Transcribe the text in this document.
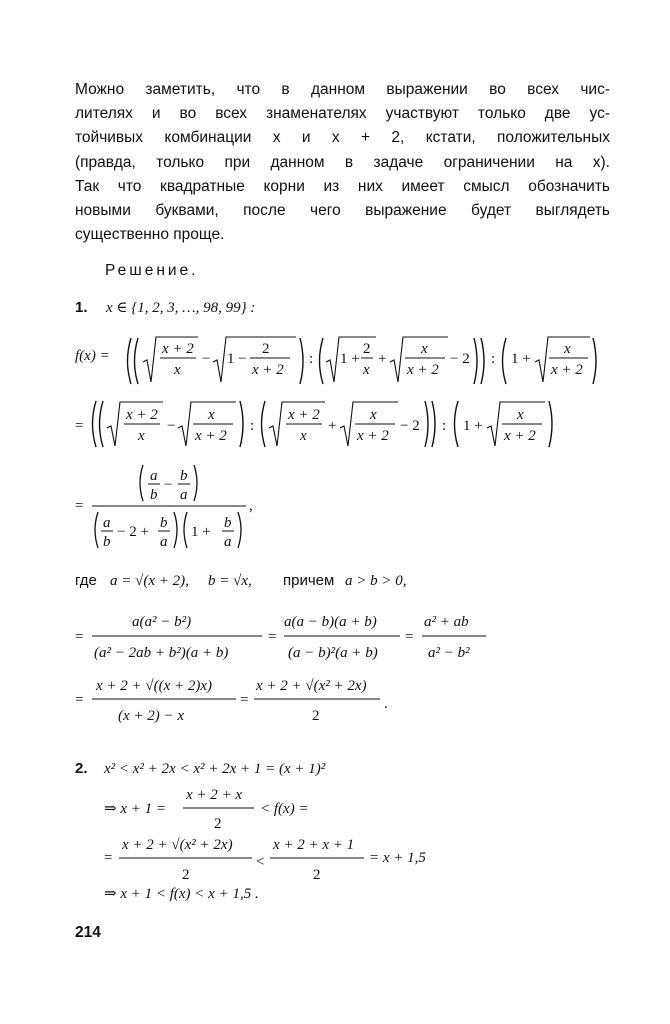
Можно заметить, что в данном выражении во всех чис-
лителях и во всех знаменателях участвуют только две ус-
тойчивых комбинации x и x + 2, кстати, положительных
(правда, только при данном в задаче ограничении на x).
Так что квадратные корни из них имеет смысл обозначить
новыми буквами, после чего выражение будет выглядеть
существенно проще.
Решение.
1. x ∈ {1, 2, 3, …, 98, 99} :
f(x) =	x + 2
x
− 1 −
2
x + 2
: 1 +
2
x
+
x
x + 2
− 2 : 1 +
x
x + 2
=
x + 2
x
−
x
x + 2
:
x + 2
x
+
x
x + 2
− 2 : 1 +
x
x + 2
=
a
b
−
b
a
a
b
− 2 +
b
a
1 +
b
a
,
где a = √(x + 2), b = √x, причем a > b > 0,
=
a(a² − b²)
(a² − 2ab + b²)(a + b)
=
a(a − b)(a + b)
(a − b)²(a + b)
=
a² + ab
a² − b²
=
x + 2 + √((x + 2)x)
(x + 2) − x
=
x + 2 + √(x² + 2x)
2
.
2. x² < x² + 2x < x² + 2x + 1 = (x + 1)²
⇒ x + 1 =
x + 2 + x
2
< f(x) =
=
x + 2 + √(x² + 2x)
2
<
x + 2 + x + 1
2
= x + 1,5
⇒ x + 1 < f(x) < x + 1,5 .
214
